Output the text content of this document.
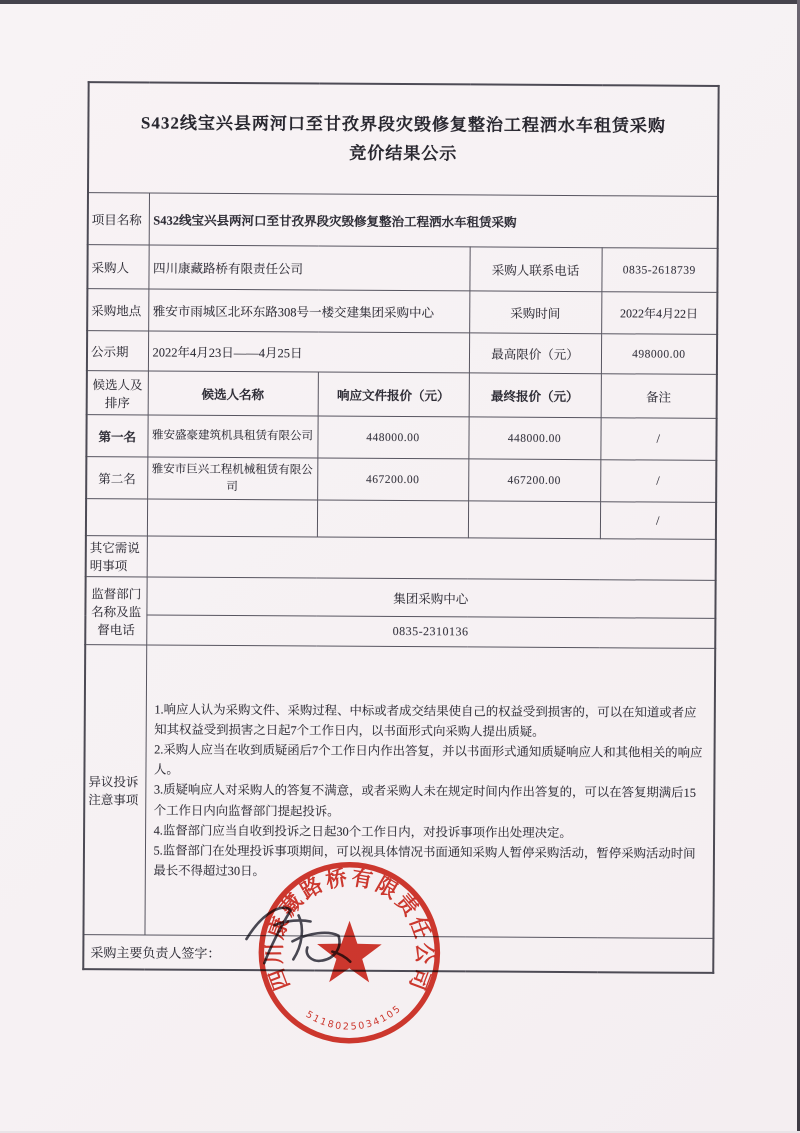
S432线宝兴县两河口至甘孜界段灾毁修复整治工程洒水车租赁采购
竞价结果公示				

项目名称	S432线宝兴县两河口至甘孜界段灾毁修复整治工程洒水车租赁采购			
采购人	四川康藏路桥有限责任公司		采购人联系电话	0835-2618739
采购地点	雅安市雨城区北环东路308号一楼交建集团采购中心		采购时间	2022年4月22日
公示期	2022年4月23日——4月25日		最高限价（元）	498000.00
候选人及排序	候选人名称	响应文件报价（元）	最终报价（元）	备注
第一名	雅安盛豪建筑机具租赁有限公司	448000.00	448000.00	/
第二名	雅安市巨兴工程机械租赁有限公司	467200.00	467200.00	/
				/
其它需说明事项				
监督部门名称及监督电话	集团采购中心			
	0835-2310136			
异议投诉注意事项	1.响应人认为采购文件、采购过程、中标或者成交结果使自己的权益受到损害的，可以在知道或者应知其权益受到损害之日起7个工作日内，以书面形式向采购人提出质疑。
2.采购人应当在收到质疑函后7个工作日内作出答复，并以书面形式通知质疑响应人和其他相关的响应人。
3.质疑响应人对采购人的答复不满意，或者采购人未在规定时间内作出答复的，可以在答复期满后15个工作日内向监督部门提起投诉。
4.监督部门应当自收到投诉之日起30个工作日内，对投诉事项作出处理决定。
5.监督部门在处理投诉事项期间，可以视具体情况书面通知采购人暂停采购活动，暂停采购活动时间最长不得超过30日。			

采购主要负责人签字：				
四川康藏路桥有限责任公司
5118025034105
